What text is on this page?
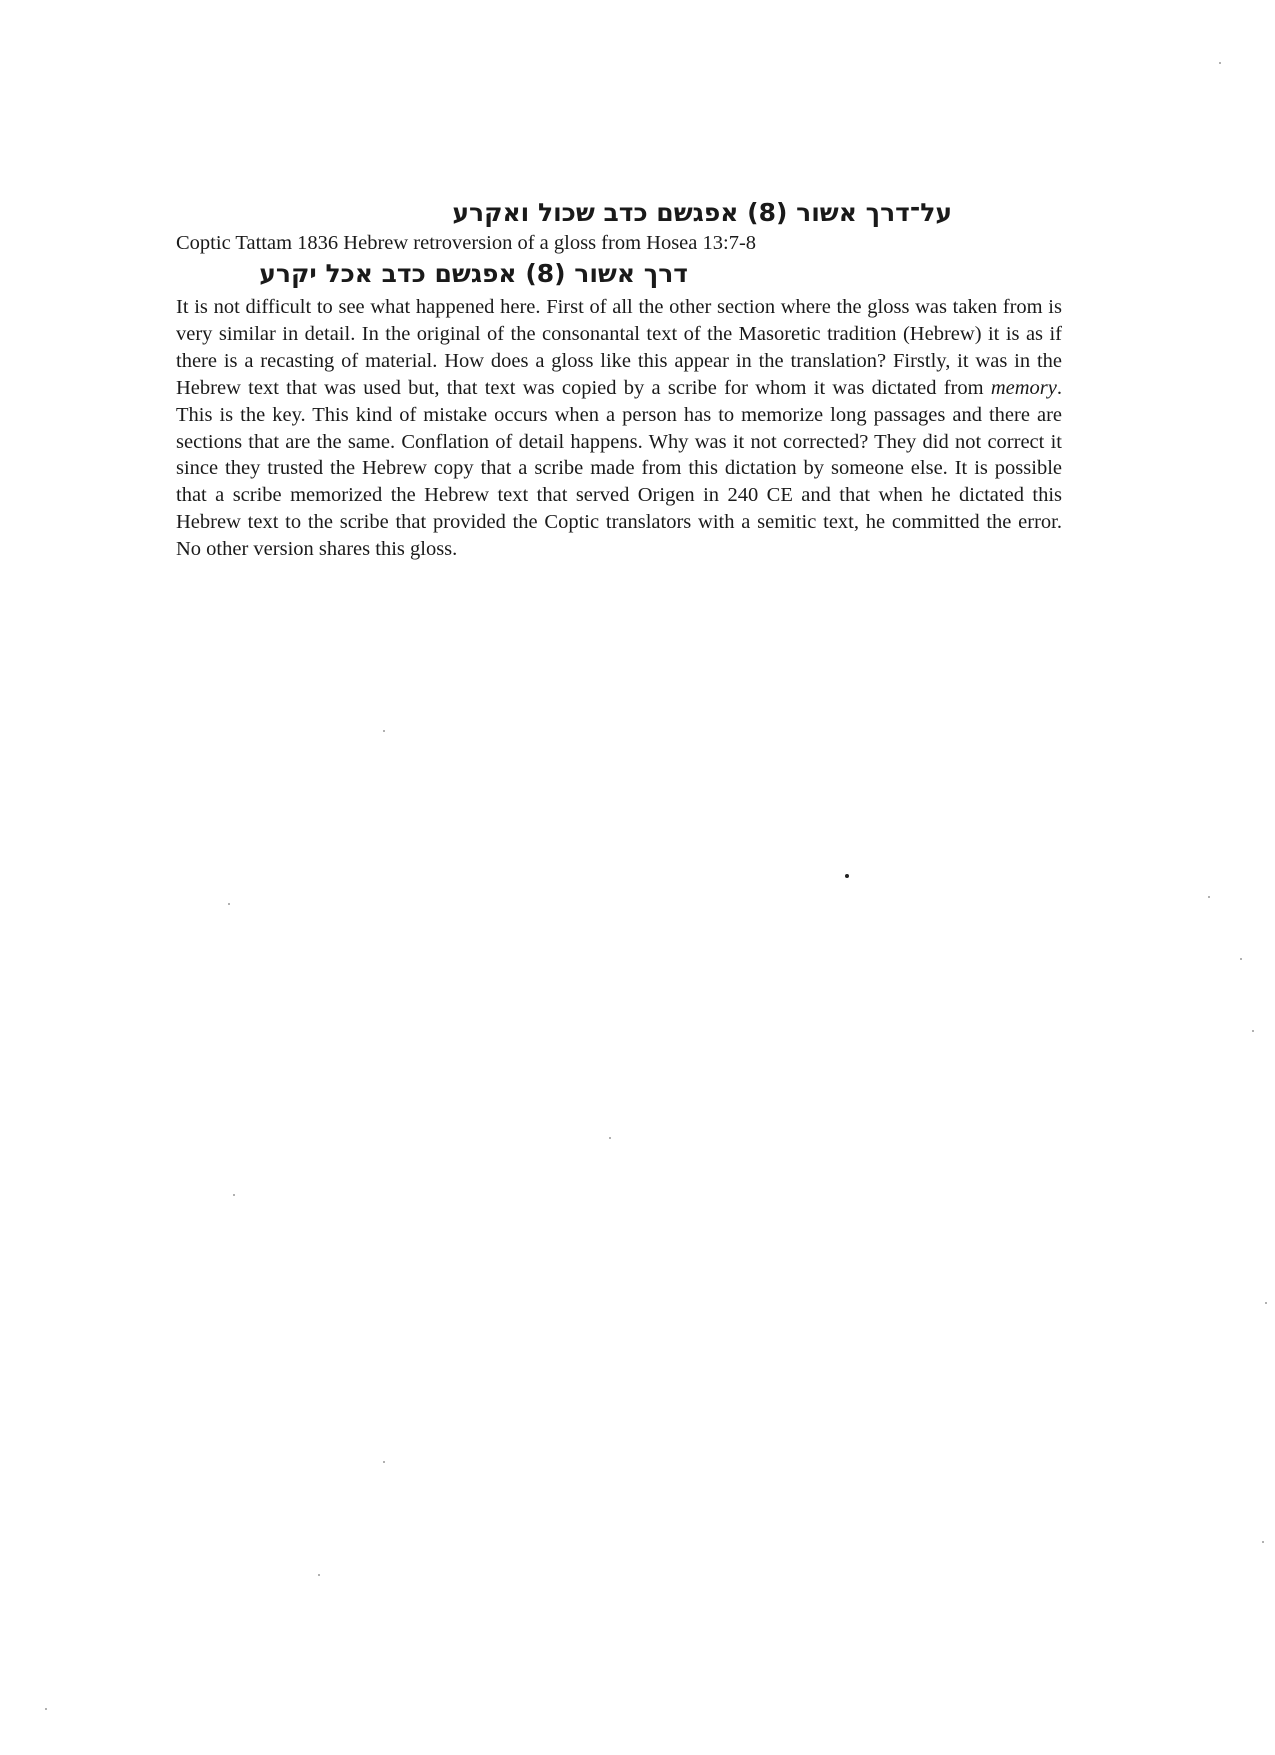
על־דרך אשור (8) אפגשם כדב שכול ואקרע
Coptic Tattam 1836 Hebrew retroversion of a gloss from Hosea 13:7-8
דרך אשור (8) אפגשם כדב אכל יקרע
It is not difficult to see what happened here. First of all the other section where the gloss was taken from is very similar in detail. In the original of the consonantal text of the Masoretic tradition (Hebrew) it is as if there is a recasting of material. How does a gloss like this appear in the translation? Firstly, it was in the Hebrew text that was used but, that text was copied by a scribe for whom it was dictated from memory. This is the key. This kind of mistake occurs when a person has to memorize long passages and there are sections that are the same. Conflation of detail happens. Why was it not corrected? They did not correct it since they trusted the Hebrew copy that a scribe made from this dictation by someone else. It is possible that a scribe memorized the Hebrew text that served Origen in 240 CE and that when he dictated this Hebrew text to the scribe that provided the Coptic translators with a semitic text, he committed the error. No other version shares this gloss.
